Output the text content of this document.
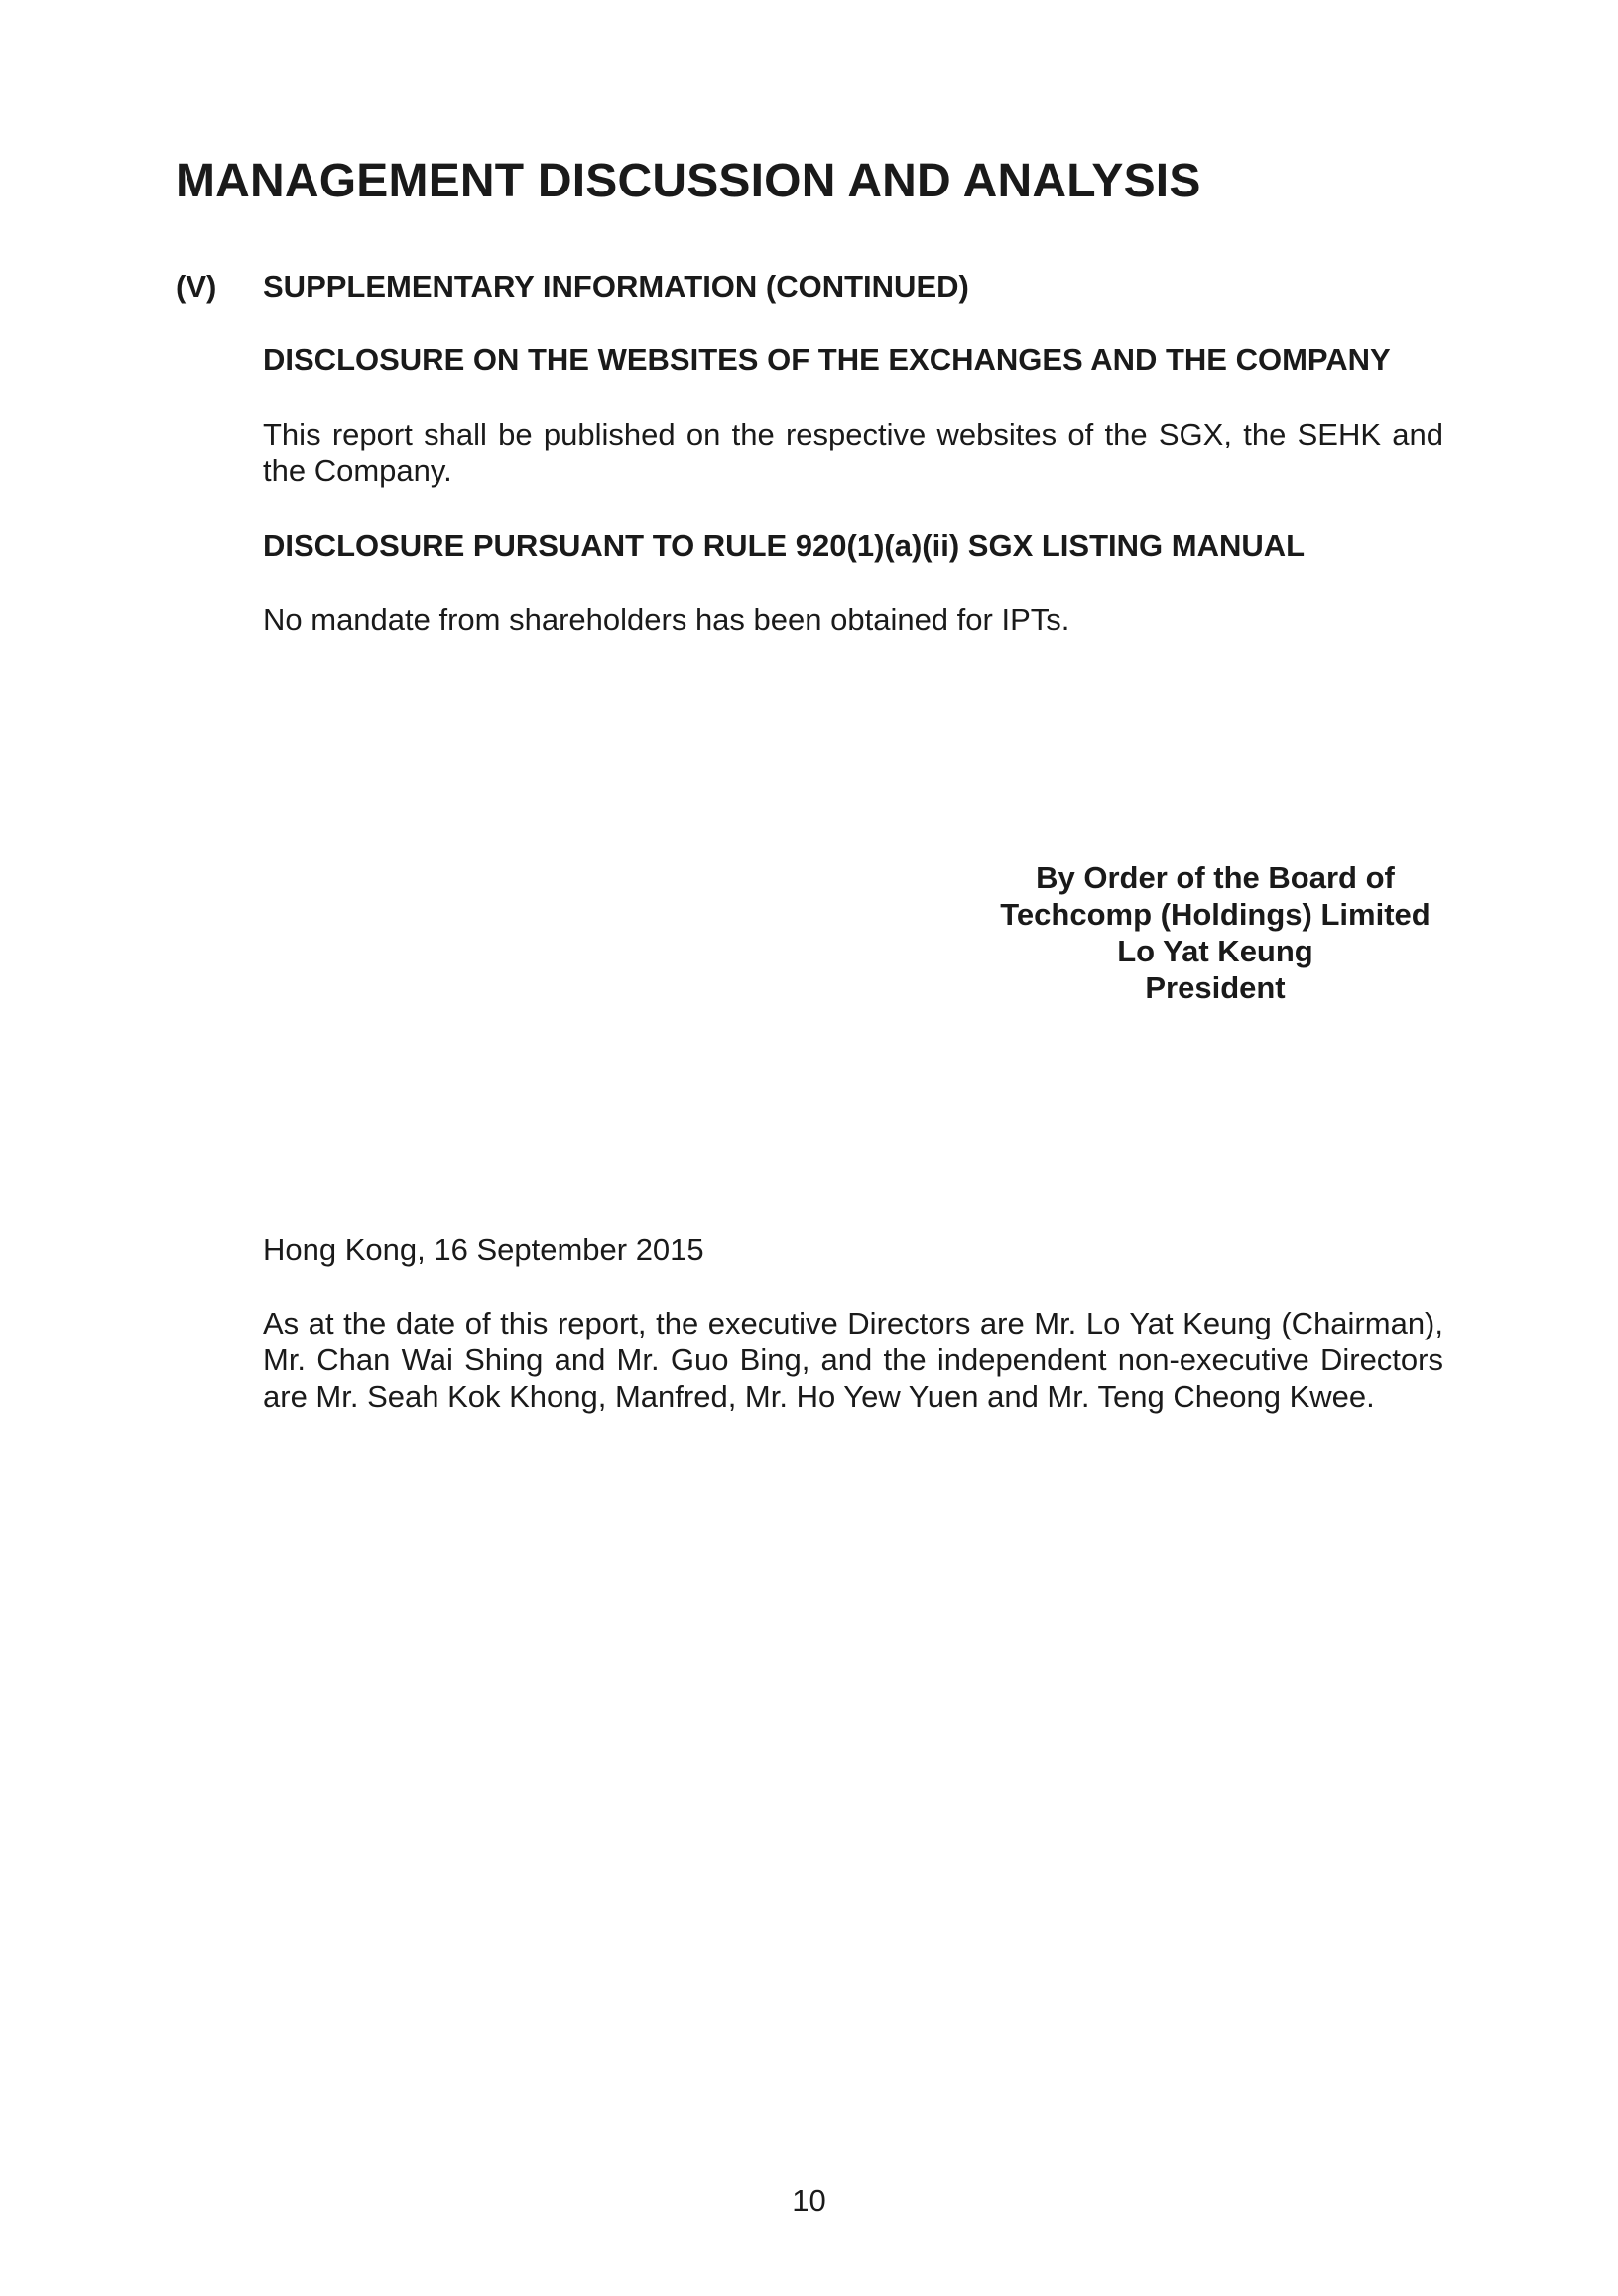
MANAGEMENT DISCUSSION AND ANALYSIS
(V) SUPPLEMENTARY INFORMATION (CONTINUED)
DISCLOSURE ON THE WEBSITES OF THE EXCHANGES AND THE COMPANY

This report shall be published on the respective websites of the SGX, the SEHK and the Company.

DISCLOSURE PURSUANT TO RULE 920(1)(a)(ii) SGX LISTING MANUAL

No mandate from shareholders has been obtained for IPTs.

By Order of the Board of
Techcomp (Holdings) Limited
Lo Yat Keung
President

Hong Kong, 16 September 2015

As at the date of this report, the executive Directors are Mr. Lo Yat Keung (Chairman), Mr. Chan Wai Shing and Mr. Guo Bing, and the independent non-executive Directors are Mr. Seah Kok Khong, Manfred, Mr. Ho Yew Yuen and Mr. Teng Cheong Kwee.

10
